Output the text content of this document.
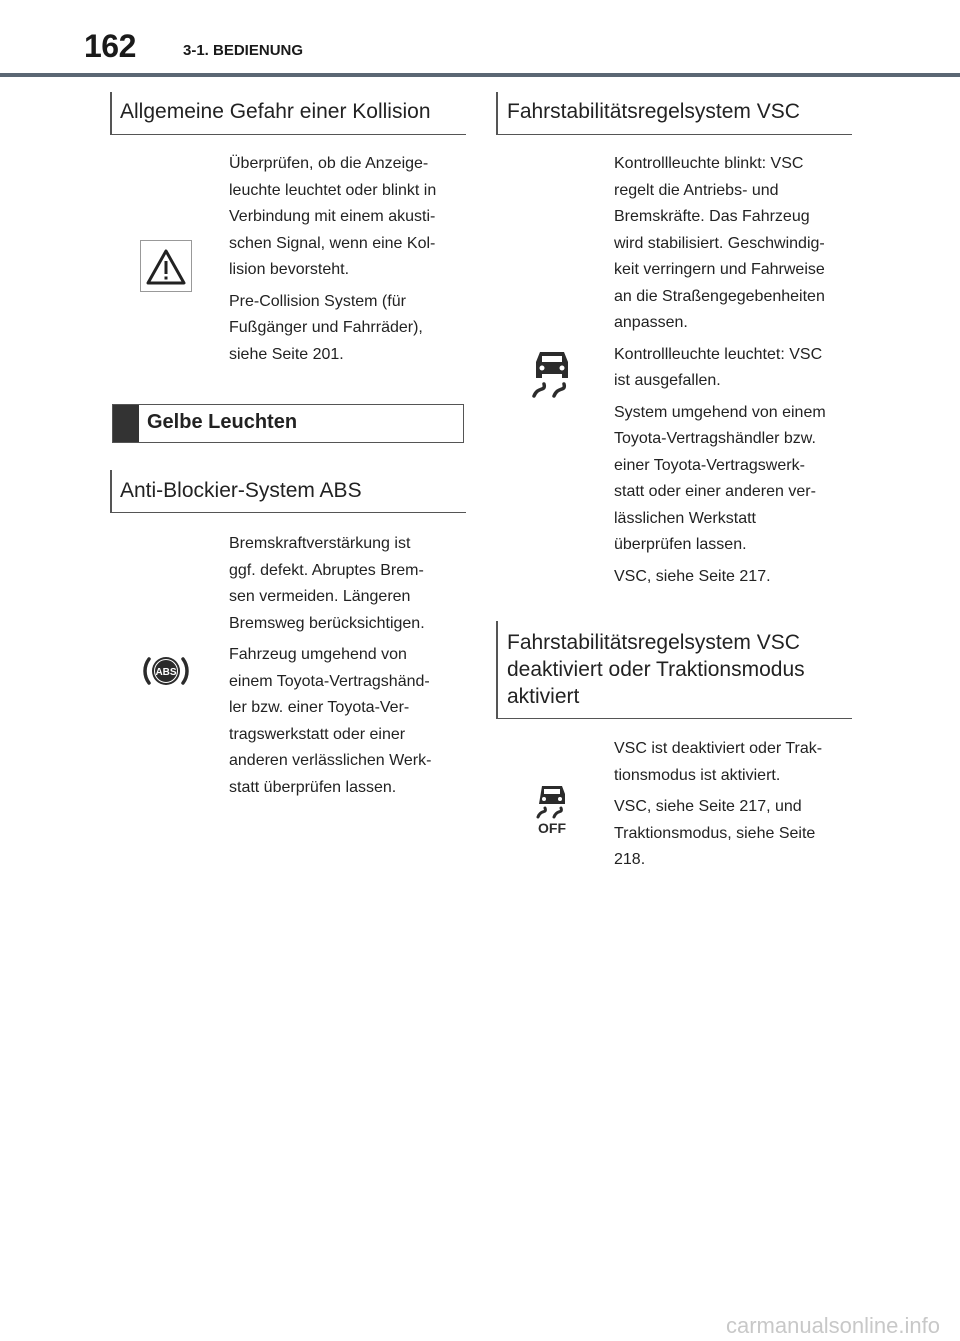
162	3-1. BEDIENUNG
Allgemeine Gefahr einer Kollision

Überprüfen, ob die Anzeige-
leuchte leuchtet oder blinkt in
Verbindung mit einem akusti-
schen Signal, wenn eine Kol-
lision bevorsteht.

Pre-Collision System (für
Fußgänger und Fahrräder),
siehe Seite 201.

Gelbe Leuchten
Anti-Blockier-System ABS
ABS

Bremskraftverstärkung ist
ggf. defekt. Abruptes Brem-
sen vermeiden. Längeren
Bremsweg berücksichtigen.

Fahrzeug umgehend von
einem Toyota-Vertragshänd-
ler bzw. einer Toyota-Ver-
tragswerkstatt oder einer
anderen verlässlichen Werk-
statt überprüfen lassen.

Fahrstabilitätsregelsystem VSC

Kontrollleuchte blinkt: VSC
regelt die Antriebs- und
Bremskräfte. Das Fahrzeug
wird stabilisiert. Geschwindig-
keit verringern und Fahrweise
an die Straßengegebenheiten
anpassen.

Kontrollleuchte leuchtet: VSC
ist ausgefallen.

System umgehend von einem
Toyota-Vertragshändler bzw.
einer Toyota-Vertragswerk-
statt oder einer anderen ver-
lässlichen Werkstatt
überprüfen lassen.

VSC, siehe Seite 217.

Fahrstabilitätsregelsystem VSC
deaktiviert oder Traktionsmodus
aktiviert
OFF

VSC ist deaktiviert oder Trak-
tionsmodus ist aktiviert.

VSC, siehe Seite 217, und
Traktionsmodus, siehe Seite
218.

carmanualsonline.info
